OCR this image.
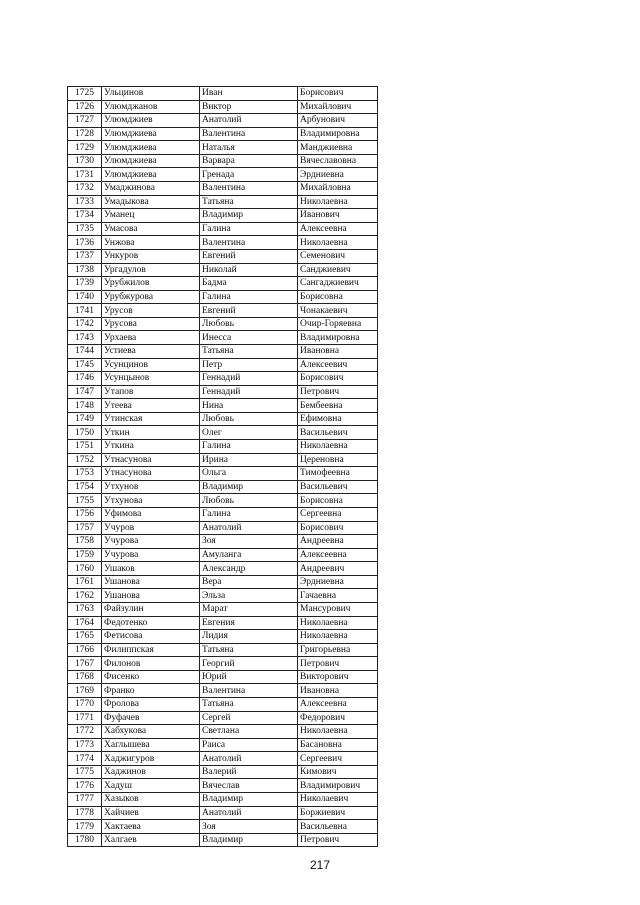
1725	Ульцинов	Иван	Борисович
1726	Улюмджанов	Виктор	Михайлович
1727	Улюмджиев	Анатолий	Арбунович
1728	Улюмджиева	Валентина	Владимировна
1729	Улюмджиева	Наталья	Манджиевна
1730	Улюмджиева	Варвара	Вячеславовна
1731	Улюмджиева	Гренада	Эрдниевна
1732	Умаджинова	Валентина	Михайловна
1733	Умадыкова	Татьяна	Николаевна
1734	Уманец	Владимир	Иванович
1735	Умасова	Галина	Алексеевна
1736	Унжова	Валентина	Николаевна
1737	Ункуров	Евгений	Семенович
1738	Ургадулов	Николай	Санджиевич
1739	Урубжилов	Бадма	Сангаджиевич
1740	Урубжурова	Галина	Борисовна
1741	Урусов	Евгений	Чонакаевич
1742	Урусова	Любовь	Очир-Горяевна
1743	Урхаева	Инесса	Владимировна
1744	Устиева	Татьяна	Ивановна
1745	Усунцинов	Петр	Алексеевич
1746	Усунцынов	Геннадий	Борисович
1747	Утапов	Геннадий	Петрович
1748	Утеева	Нина	Бембеевна
1749	Утинская	Любовь	Ефимовна
1750	Уткин	Олег	Васильевич
1751	Уткина	Галина	Николаевна
1752	Утнасунова	Ирина	Цереновна
1753	Утнасунова	Ольга	Тимофеевна
1754	Утхунов	Владимир	Васильевич
1755	Утхунова	Любовь	Борисовна
1756	Уфимова	Галина	Сергеевна
1757	Учуров	Анатолий	Борисович
1758	Учурова	Зоя	Андреевна
1759	Учурова	Амуланга	Алексеевна
1760	Ушаков	Александр	Андреевич
1761	Ушанова	Вера	Эрдниевна
1762	Ушанова	Эльза	Гачаевна
1763	Файзулин	Марат	Мансурович
1764	Федотенко	Евгения	Николаевна
1765	Фетисова	Лидия	Николаевна
1766	Филиппская	Татьяна	Григорьевна
1767	Филонов	Георгий	Петрович
1768	Фисенко	Юрий	Викторович
1769	Франко	Валентина	Ивановна
1770	Фролова	Татьяна	Алексеевна
1771	Фуфачев	Сергей	Федорович
1772	Хабхукова	Светлана	Николаевна
1773	Хаглышева	Раиса	Басановна
1774	Хаджигуров	Анатолий	Сергеевич
1775	Хаджинов	Валерий	Кимович
1776	Хадуш	Вячеслав	Владимирович
1777	Хазыков	Владимир	Николаевич
1778	Хайчиев	Анатолий	Боржиевич
1779	Хактаева	Зоя	Васильевна
1780	Халгаев	Владимир	Петрович
217
